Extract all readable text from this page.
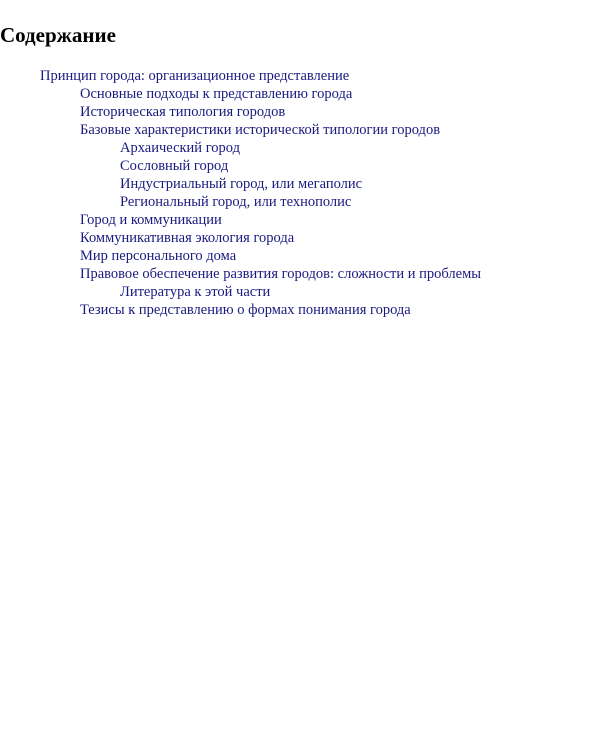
Содержание
Принцип города: организационное представление
Основные подходы к представлению города
Историческая типология городов
Базовые характеристики исторической типологии городов
Архаический город
Сословный город
Индустриальный город, или мегаполис
Региональный город, или технополис
Город и коммуникации
Коммуникативная экология города
Мир персонального дома
Правовое обеспечение развития городов: сложности и проблемы
Литература к этой части
Тезисы к представлению о формах понимания города
